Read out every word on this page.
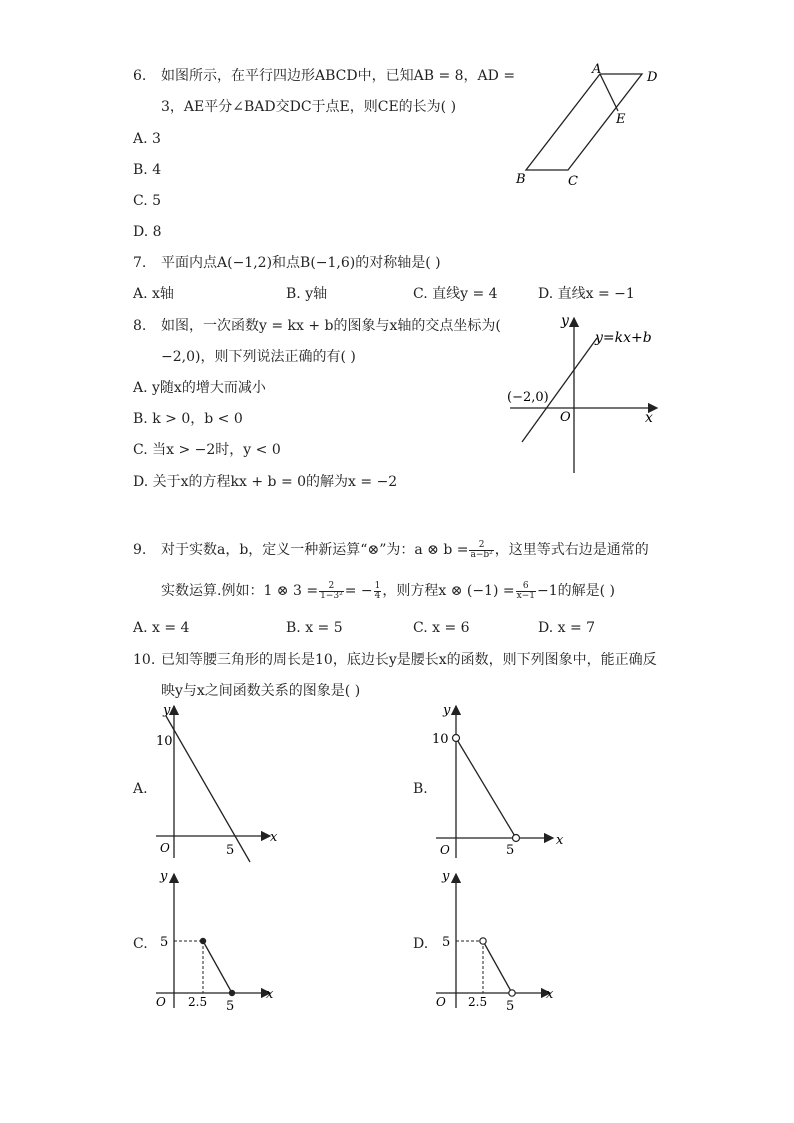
6. 如图所示，在平行四边形ABCD中，已知AB = 8，AD =
3，AE平分∠BAD交DC于点E，则CE的长为( )
A. 3
B. 4
C. 5
D. 8
A
D
E
B	C
7. 平面内点A(−1,2)和点B(−1,6)的对称轴是( )
A. x轴	B. y轴	C. 直线y = 4	D. 直线x = −1
8. 如图，一次函数y = kx + b的图象与x轴的交点坐标为(
−2,0)，则下列说法正确的有( )
A. y随x的增大而减小
B. k > 0，b < 0
C. 当x > −2时，y < 0
D. 关于x的方程kx + b = 0的解为x = −2
y
x
O
(−2,0)
y=kx+b
9. 对于实数a，b，定义一种新运算“⊗”为：a ⊗ $b = \frac{2}{\text{a−b²}}$ ，这里等式右边是通常的
实数运算.例如：1 ⊗ $3 = \frac{2}{\text{1−3²}}$ = − $\frac{1}{4}$ ，则方程x ⊗ $(-1) = \frac{6}{x-1} -1$的解是( )
A. x = 4	B. x = 5	C. x = 6	D. x = 7
10. 已知等腰三角形的周长是10，底边长y是腰长x的函数，则下列图象中，能正确反
映y与x之间函数关系的图象是( )
A.
y
x
O
10
5
B.
y
x
O
10
5
C.
y
x
O
5
2.5 5
D.
y
x
O
5
2.5 5
